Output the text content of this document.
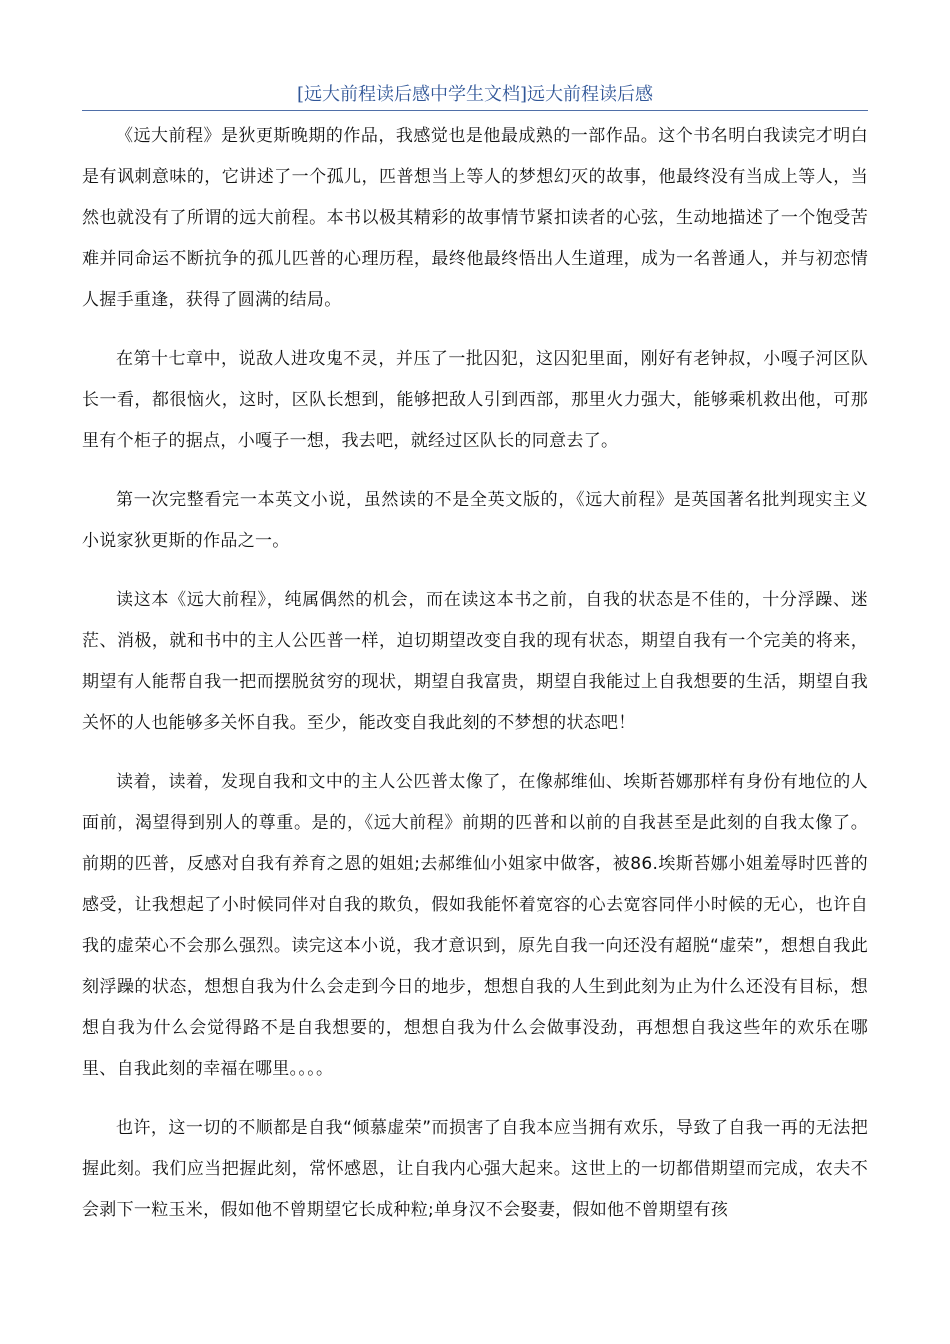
[远大前程读后感中学生文档]远大前程读后感

《远大前程》是狄更斯晚期的作品，我感觉也是他最成熟的一部作品。这个书名明白我读完才明白是有讽刺意味的，它讲述了一个孤儿，匹普想当上等人的梦想幻灭的故事，他最终没有当成上等人，当然也就没有了所谓的远大前程。本书以极其精彩的故事情节紧扣读者的心弦，生动地描述了一个饱受苦难并同命运不断抗争的孤儿匹普的心理历程，最终他最终悟出人生道理，成为一名普通人，并与初恋情人握手重逢，获得了圆满的结局。

在第十七章中，说敌人进攻鬼不灵，并压了一批囚犯，这囚犯里面，刚好有老钟叔，小嘎子河区队长一看，都很恼火，这时，区队长想到，能够把敌人引到西部，那里火力强大，能够乘机救出他，可那里有个柜子的据点，小嘎子一想，我去吧，就经过区队长的同意去了。

第一次完整看完一本英文小说，虽然读的不是全英文版的，《远大前程》是英国著名批判现实主义小说家狄更斯的作品之一。

读这本《远大前程》，纯属偶然的机会，而在读这本书之前，自我的状态是不佳的，十分浮躁、迷茫、消极，就和书中的主人公匹普一样，迫切期望改变自我的现有状态，期望自我有一个完美的将来，期望有人能帮自我一把而摆脱贫穷的现状，期望自我富贵，期望自我能过上自我想要的生活，期望自我关怀的人也能够多关怀自我。至少，能改变自我此刻的不梦想的状态吧！

读着，读着，发现自我和文中的主人公匹普太像了，在像郝维仙、埃斯苔娜那样有身份有地位的人面前，渴望得到别人的尊重。是的，《远大前程》前期的匹普和以前的自我甚至是此刻的自我太像了。前期的匹普，反感对自我有养育之恩的姐姐;去郝维仙小姐家中做客，被86.埃斯苔娜小姐羞辱时匹普的感受，让我想起了小时候同伴对自我的欺负，假如我能怀着宽容的心去宽容同伴小时候的无心，也许自我的虚荣心不会那么强烈。读完这本小说，我才意识到，原先自我一向还没有超脱“虚荣”，想想自我此刻浮躁的状态，想想自我为什么会走到今日的地步，想想自我的人生到此刻为止为什么还没有目标，想想自我为什么会觉得路不是自我想要的，想想自我为什么会做事没劲，再想想自我这些年的欢乐在哪里、自我此刻的幸福在哪里。。。。

也许，这一切的不顺都是自我“倾慕虚荣”而损害了自我本应当拥有欢乐，导致了自我一再的无法把握此刻。我们应当把握此刻，常怀感恩，让自我内心强大起来。这世上的一切都借期望而完成，农夫不会剥下一粒玉米，假如他不曾期望它长成种粒;单身汉不会娶妻，假如他不曾期望有孩
